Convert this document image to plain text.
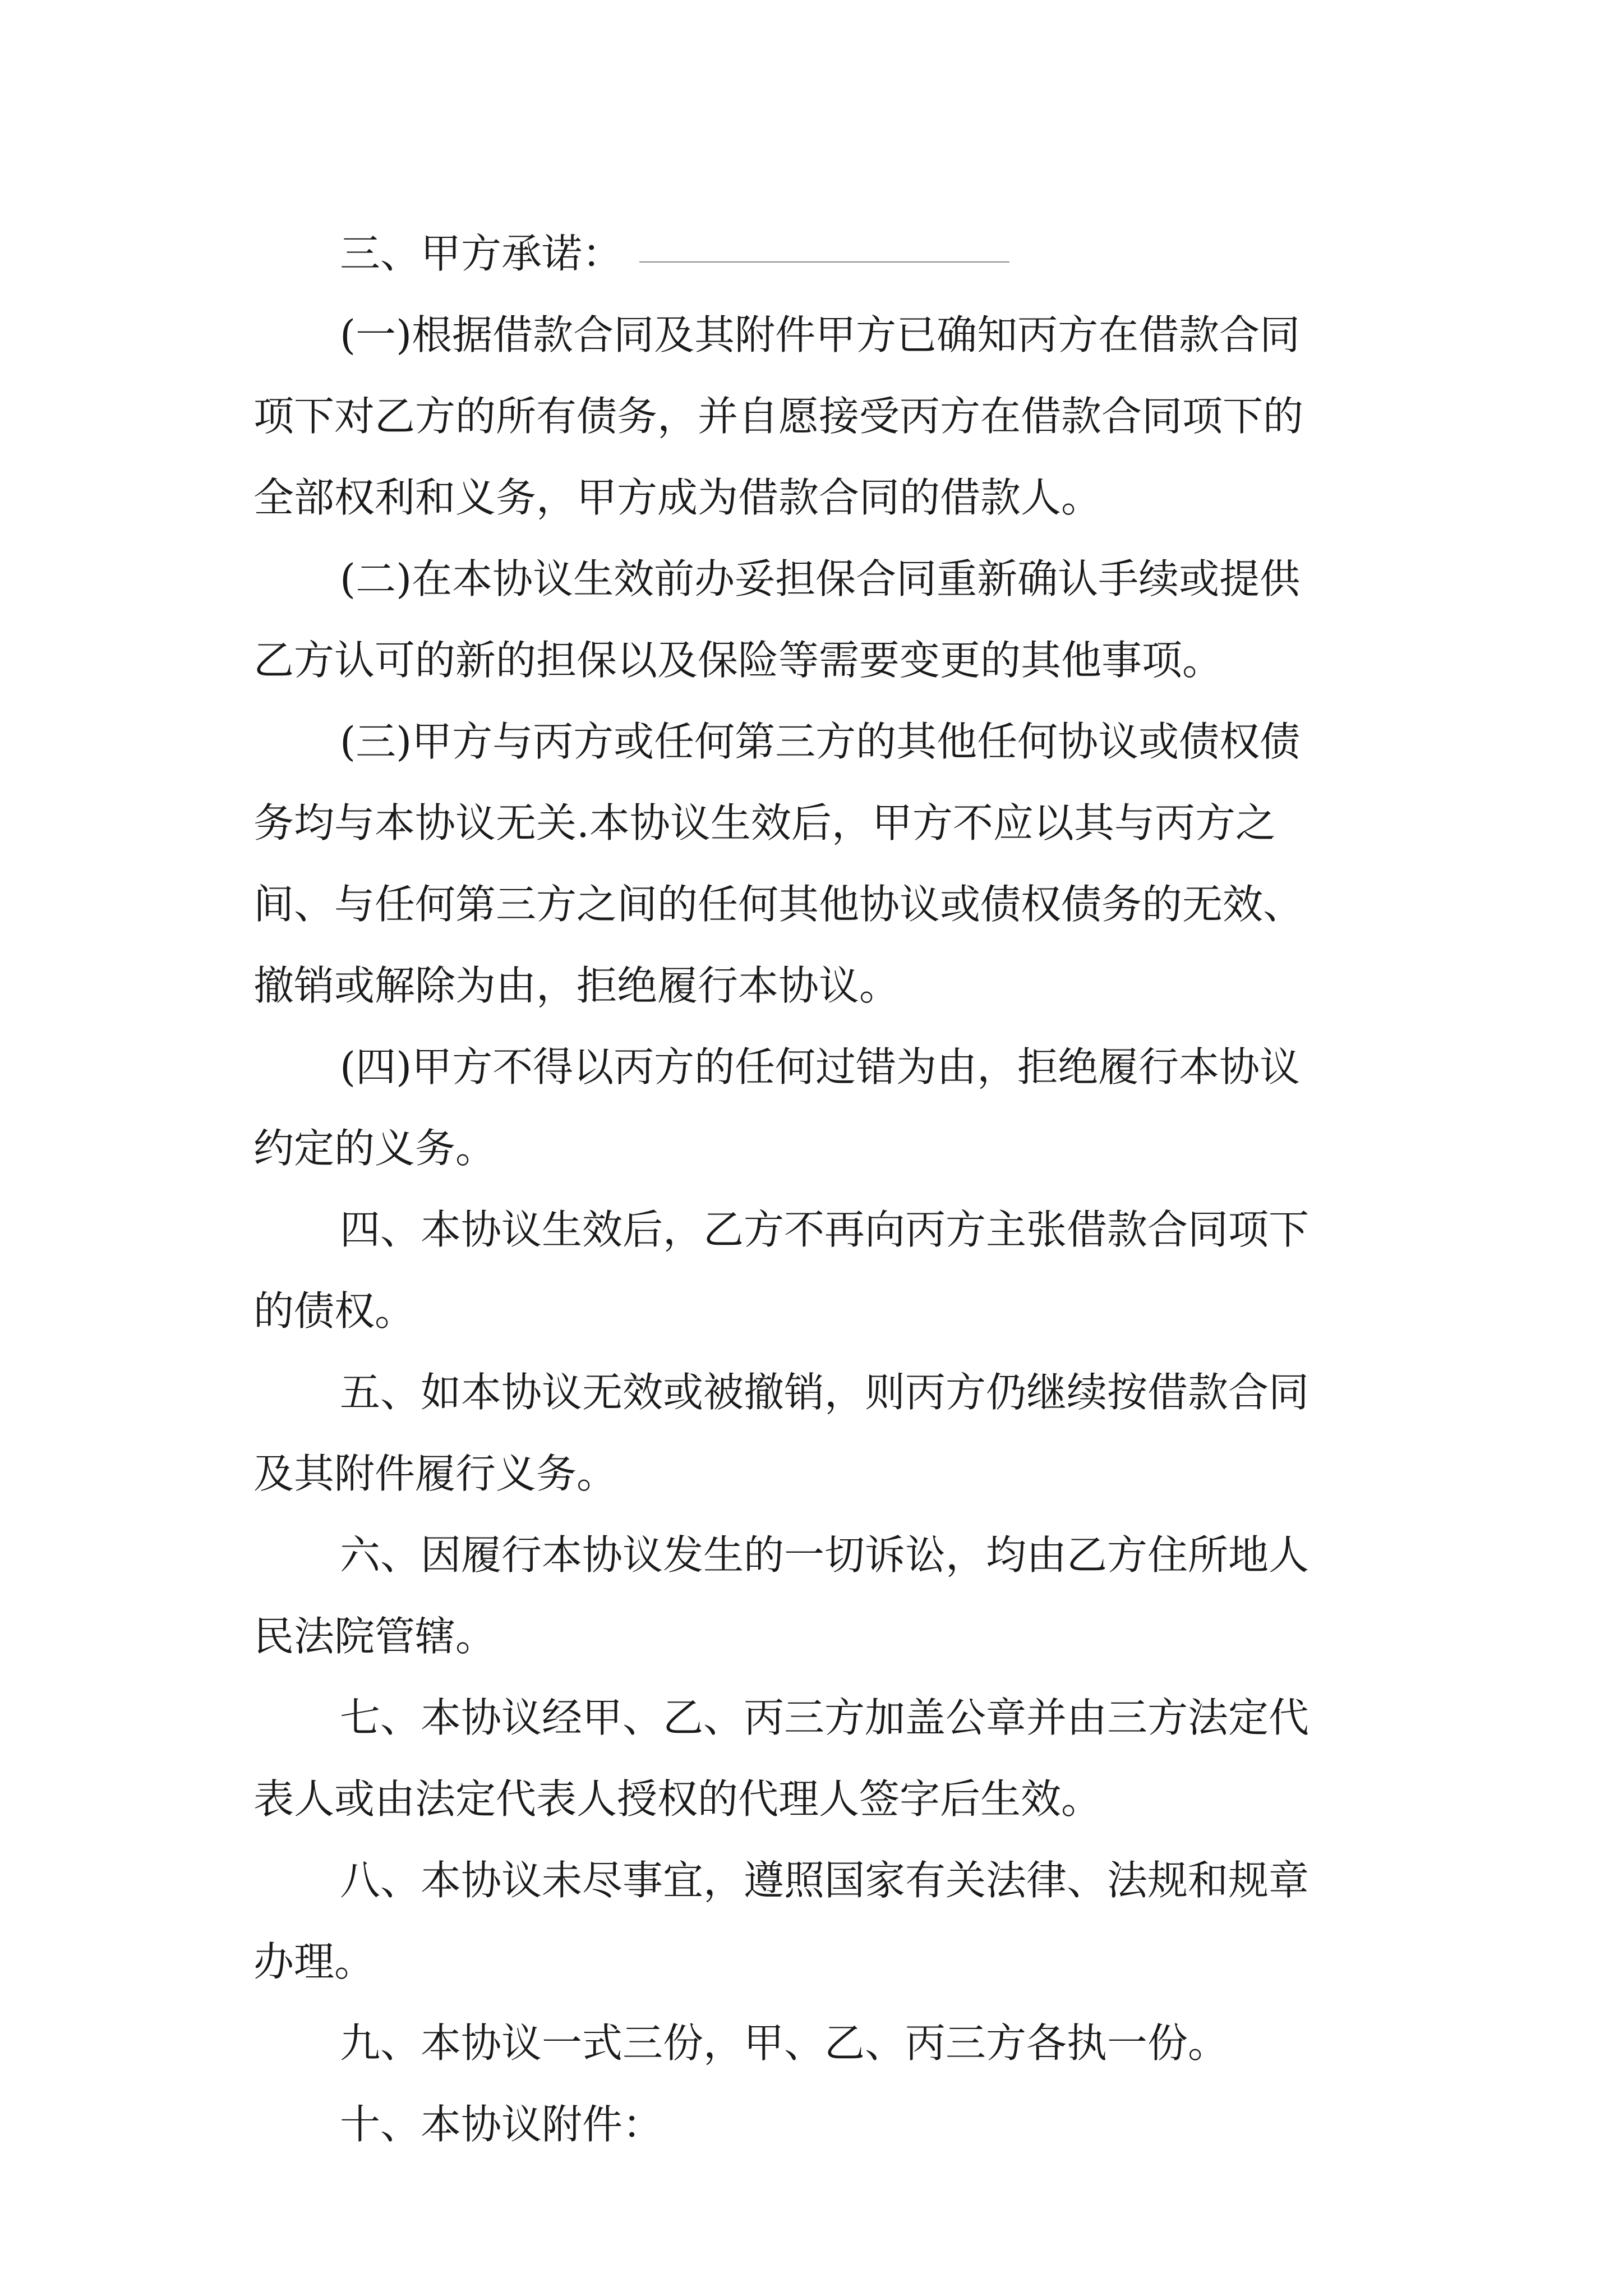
三、甲方承诺：
(一)根据借款合同及其附件甲方已确知丙方在借款合同
项下对乙方的所有债务，并自愿接受丙方在借款合同项下的
全部权利和义务，甲方成为借款合同的借款人。
(二)在本协议生效前办妥担保合同重新确认手续或提供
乙方认可的新的担保以及保险等需要变更的其他事项。
(三)甲方与丙方或任何第三方的其他任何协议或债权债
务均与本协议无关.本协议生效后，甲方不应以其与丙方之
间、与任何第三方之间的任何其他协议或债权债务的无效、
撤销或解除为由，拒绝履行本协议。
(四)甲方不得以丙方的任何过错为由，拒绝履行本协议
约定的义务。
四、本协议生效后，乙方不再向丙方主张借款合同项下
的债权。
五、如本协议无效或被撤销，则丙方仍继续按借款合同
及其附件履行义务。
六、因履行本协议发生的一切诉讼，均由乙方住所地人
民法院管辖。
七、本协议经甲、乙、丙三方加盖公章并由三方法定代
表人或由法定代表人授权的代理人签字后生效。
八、本协议未尽事宜，遵照国家有关法律、法规和规章
办理。
九、本协议一式三份，甲、乙、丙三方各执一份。
十、本协议附件：
